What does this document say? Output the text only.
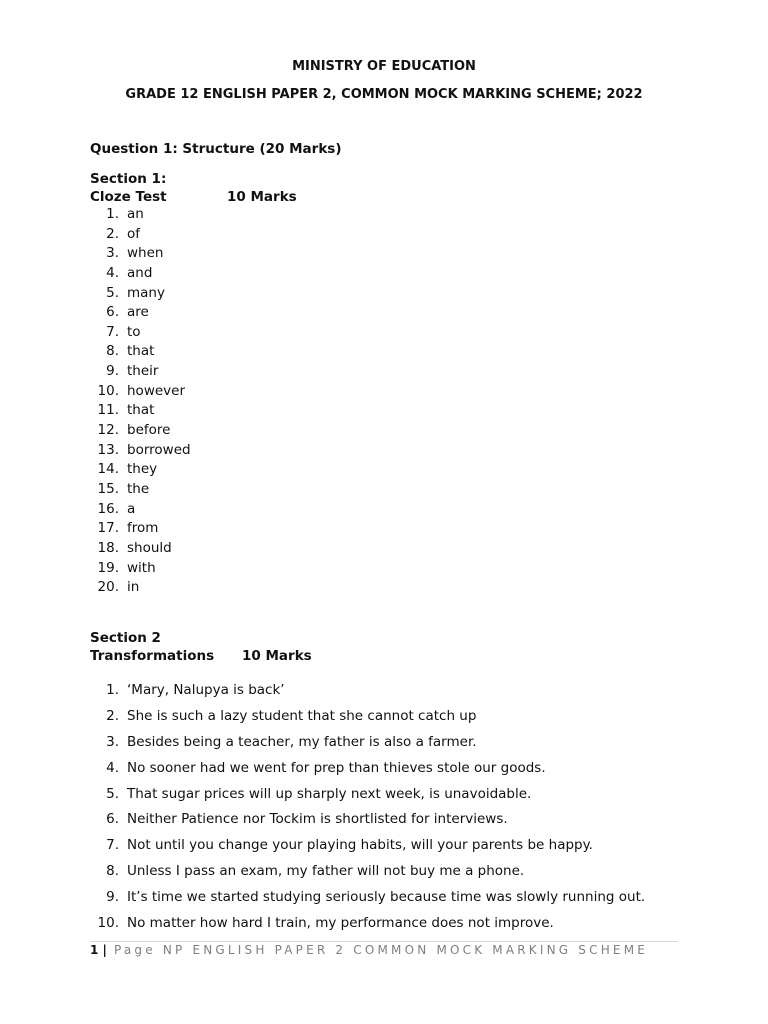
MINISTRY OF EDUCATION
GRADE 12 ENGLISH PAPER 2, COMMON MOCK MARKING SCHEME; 2022
Question 1: Structure (20 Marks)
Section 1:
Cloze Test	10 Marks
1. an
2. of
3. when
4. and
5. many
6. are
7. to
8. that
9. their
10. however
11. that
12. before
13. borrowed
14. they
15. the
16. a
17. from
18. should
19. with
20. in
Section 2
Transformations 10 Marks
1. ‘Mary, Nalupya is back’
2. She is such a lazy student that she cannot catch up
3. Besides being a teacher, my father is also a farmer.
4. No sooner had we went for prep than thieves stole our goods.
5. That sugar prices will up sharply next week, is unavoidable.
6. Neither Patience nor Tockim is shortlisted for interviews.
7. Not until you change your playing habits, will your parents be happy.
8. Unless I pass an exam, my father will not buy me a phone.
9. It’s time we started studying seriously because time was slowly running out.
10. No matter how hard I train, my performance does not improve.
1 | Page NP ENGLISH PAPER 2 COMMON MOCK MARKING SCHEME
